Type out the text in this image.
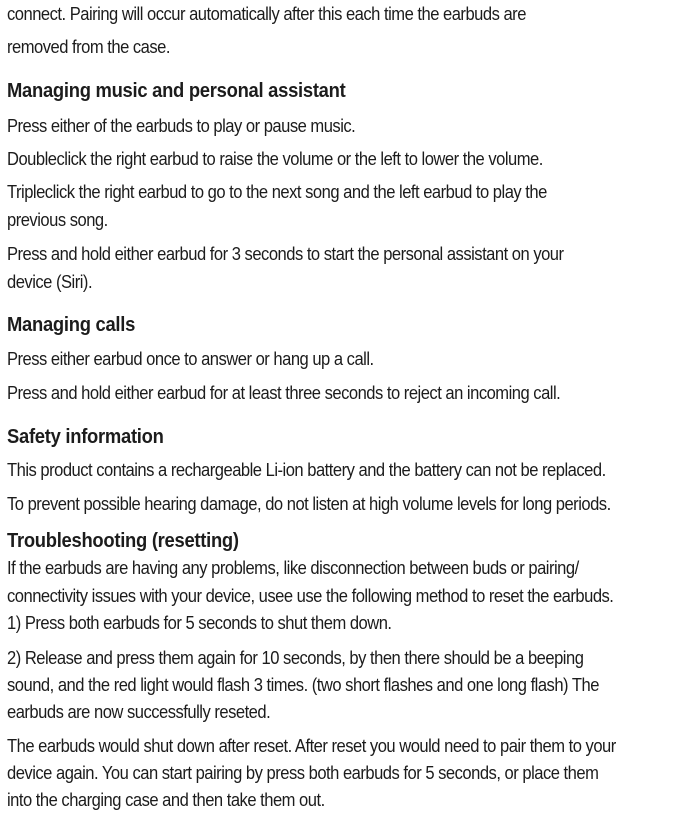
connect. Pairing will occur automatically after this each time the earbuds are
removed from the case.
Managing music and personal assistant
Press either of the earbuds to play or pause music.
Doubleclick the right earbud to raise the volume or the left to lower the volume.
Tripleclick the right earbud to go to the next song and the left earbud to play the
previous song.
Press and hold either earbud for 3 seconds to start the personal assistant on your
device (Siri).
Managing calls
Press either earbud once to answer or hang up a call.
Press and hold either earbud for at least three seconds to reject an incoming call.
Safety information
This product contains a rechargeable Li-ion battery and the battery can not be replaced.
To prevent possible hearing damage, do not listen at high volume levels for long periods.
Troubleshooting (resetting)
If the earbuds are having any problems, like disconnection between buds or pairing/
connectivity issues with your device, usee use the following method to reset the earbuds.
1) Press both earbuds for 5 seconds to shut them down.
2) Release and press them again for 10 seconds, by then there should be a beeping
sound, and the red light would flash 3 times. (two short flashes and one long flash) The
earbuds are now successfully reseted.
The earbuds would shut down after reset. After reset you would need to pair them to your
device again. You can start pairing by press both earbuds for 5 seconds, or place them
into the charging case and then take them out.
